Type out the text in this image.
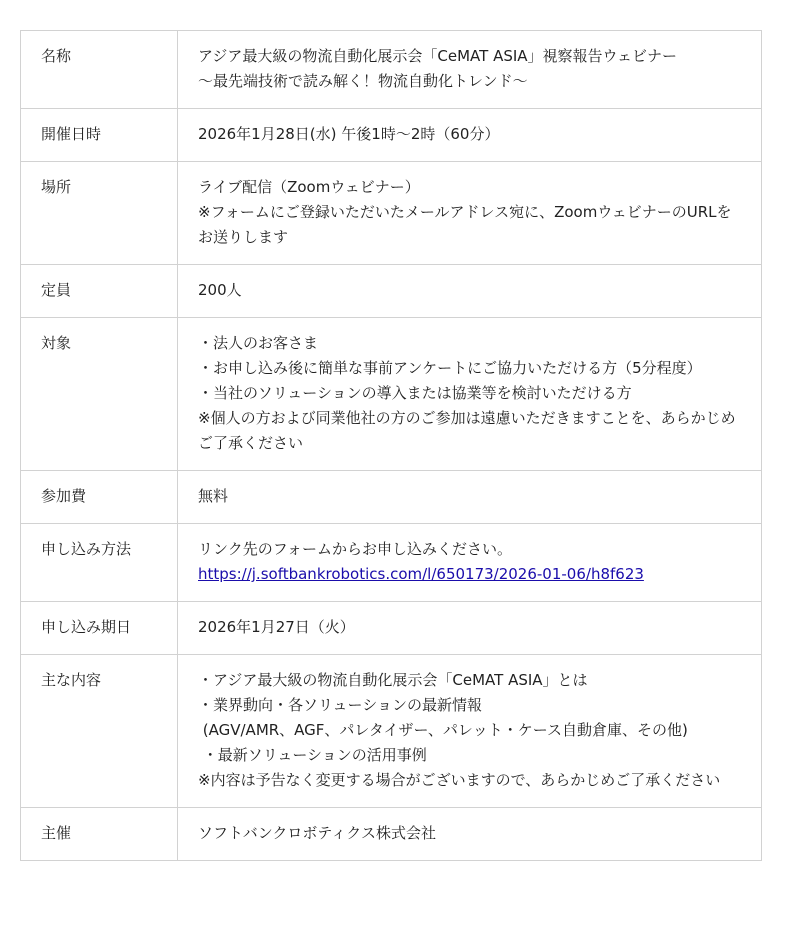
名称	アジア最大級の物流自動化展示会「CeMAT ASIA」視察報告ウェビナー
〜最先端技術で読み解く！物流自動化トレンド〜

開催日時	2026年1月28日(水) 午後1時〜2時（60分）

場所	ライブ配信（Zoomウェビナー）
※フォームにご登録いただいたメールアドレス宛に、ZoomウェビナーのURLをお送りします

定員	200人

対象	・法人のお客さま
・お申し込み後に簡単な事前アンケートにご協力いただける方（5分程度）
・当社のソリューションの導入または協業等を検討いただける方
※個人の方および同業他社の方のご参加は遠慮いただきますことを、あらかじめご了承ください

参加費	無料

申し込み方法	リンク先のフォームからお申し込みください。
https://j.softbankrobotics.com/l/650173/2026-01-06/h8f623
申し込み期日	2026年1月27日（火）

主な内容	・アジア最大級の物流自動化展示会「CeMAT ASIA」とは
・業界動向・各ソリューションの最新情報
(AGV/AMR、AGF、パレタイザー、パレット・ケース自動倉庫、その他)
・最新ソリューションの活用事例
※内容は予告なく変更する場合がございますので、あらかじめご了承ください

主催	ソフトバンクロボティクス株式会社
